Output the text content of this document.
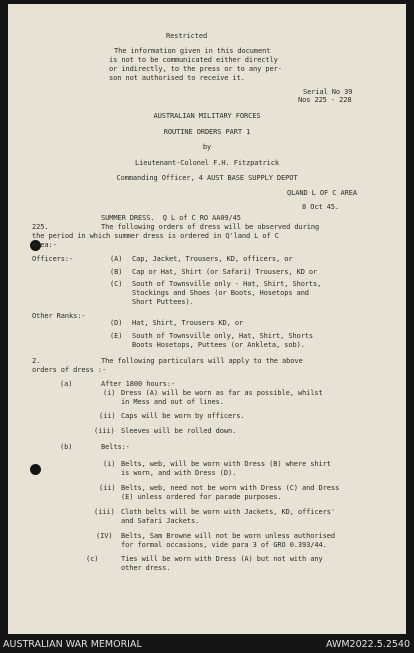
Restricted

The information given in this document

is not to be communicated either directly

or indirectly, to the press or to any per-

son not authorised to receive it.

Serial No 39

Nos 225 - 228

AUSTRALIAN MILITARY FORCES

ROUTINE ORDERS PART 1

by

Lieutenant-Colonel F.H. Fitzpatrick

Commanding Officer, 4 AUST BASE SUPPLY DEPOT

QLAND L OF C AREA

8 Oct 45.

SUMMER DRESS.  Q L of C RO AA09/45

225.	The following orders of dress will be observed during

the period in which summer dress is ordered in Q'land L of C

Area:-

Officers:-	(A) Cap, Jacket, Trousers, KD, officers, or

(B) Cap or Hat, Shirt (or Safari) Trousers, KD or

(C) South of Townsville only - Hat, Shirt, Shorts,

Stockings and Shoes (or Boots, Hosetops and

Short Puttees).

Other Ranks:-

(D) Hat, Shirt, Trousers KD, or

(E) South of Townsville only, Hat, Shirt, Shorts

Boots Hosetops, Puttees (or Ankleta, sob).

2.	The following particulars will apply to the above

orders of dress :-

(a)	After 1800 hours:-

(i) Dress (A) will be worn as far as possible, whilst

in Mess and out of lines.

(ii) Caps will be worn by officers.

(iii) Sleeves will be rolled down.

(b)	Belts:-

(i) Belts, web, will be worn with Dress (B) where shirt

is worn, and with Dress (D).

(ii) Belts, web, need not be worn with Dress (C) and Dress

(E) unless ordered for parade purposes.

(iii) Cloth belts will be worn with Jackets, KD, officers'

and Safari Jackets.

(IV) Belts, Sam Browne will not be worn unless authorised

for formal occasions, vide para 3 of GRO 0.393/44.

(c)	Ties will be worn with Dress (A) but not with any

other dress.

AUSTRALIAN WAR MEMORIAL	AWM2022.5.2540
